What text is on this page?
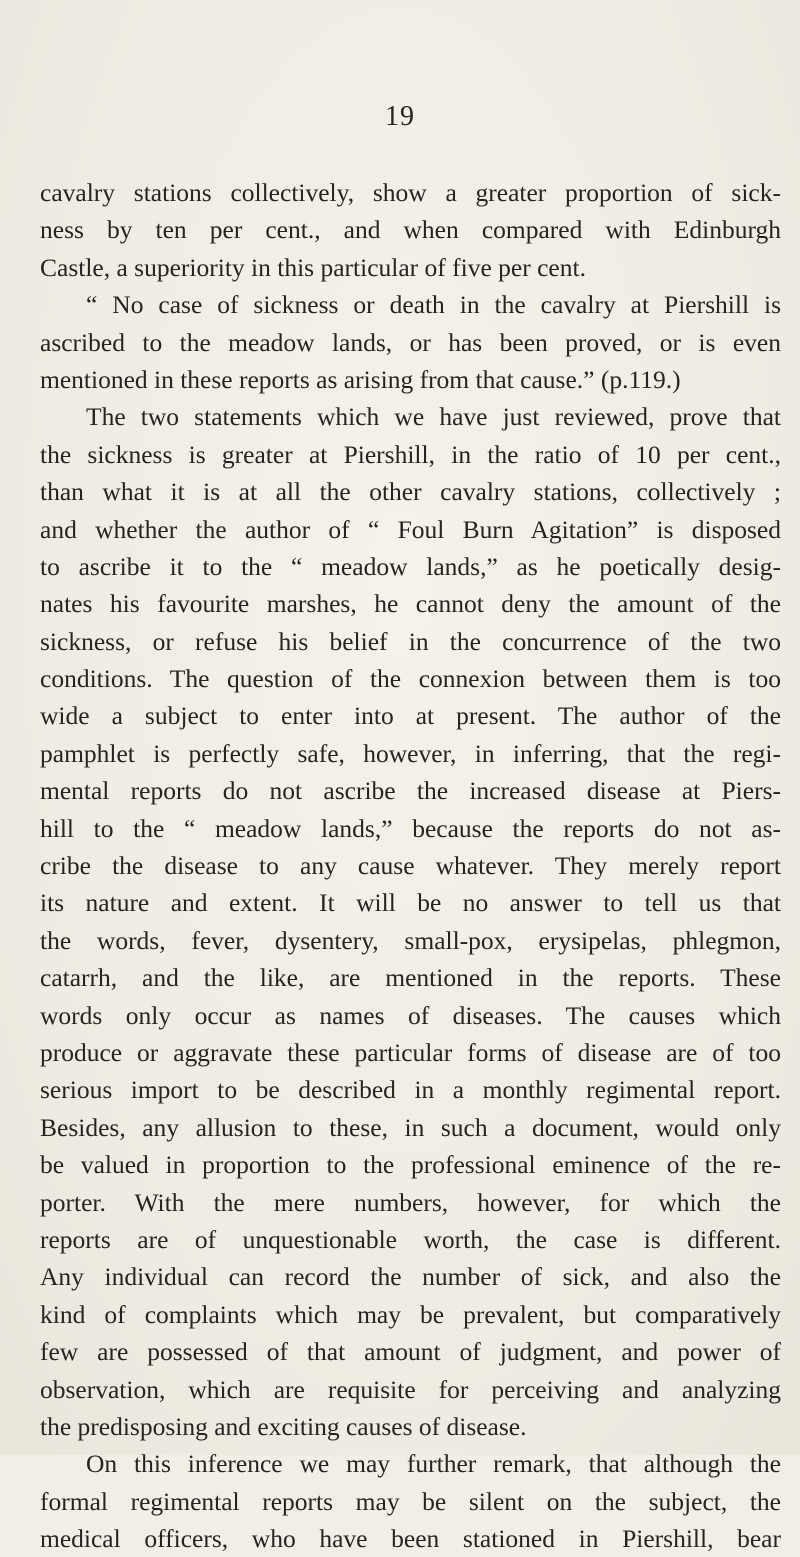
19
cavalry stations collectively, show a greater proportion of sick-
ness by ten per cent., and when compared with Edinburgh
Castle, a superiority in this particular of five per cent.
“ No case of sickness or death in the cavalry at Piershill is
ascribed to the meadow lands, or has been proved, or is even
mentioned in these reports as arising from that cause.” (p.119.)
The two statements which we have just reviewed, prove that
the sickness is greater at Piershill, in the ratio of 10 per cent.,
than what it is at all the other cavalry stations, collectively ;
and whether the author of “ Foul Burn Agitation” is disposed
to ascribe it to the “ meadow lands,” as he poetically desig-
nates his favourite marshes, he cannot deny the amount of the
sickness, or refuse his belief in the concurrence of the two
conditions. The question of the connexion between them is too
wide a subject to enter into at present. The author of the
pamphlet is perfectly safe, however, in inferring, that the regi-
mental reports do not ascribe the increased disease at Piers-
hill to the “ meadow lands,” because the reports do not as-
cribe the disease to any cause whatever. They merely report
its nature and extent. It will be no answer to tell us that
the words, fever, dysentery, small-pox, erysipelas, phlegmon,
catarrh, and the like, are mentioned in the reports. These
words only occur as names of diseases. The causes which
produce or aggravate these particular forms of disease are of too
serious import to be described in a monthly regimental report.
Besides, any allusion to these, in such a document, would only
be valued in proportion to the professional eminence of the re-
porter. With the mere numbers, however, for which the
reports are of unquestionable worth, the case is different.
Any individual can record the number of sick, and also the
kind of complaints which may be prevalent, but comparatively
few are possessed of that amount of judgment, and power of
observation, which are requisite for perceiving and analyzing
the predisposing and exciting causes of disease.
On this inference we may further remark, that although the
formal regimental reports may be silent on the subject, the
medical officers, who have been stationed in Piershill, bear
